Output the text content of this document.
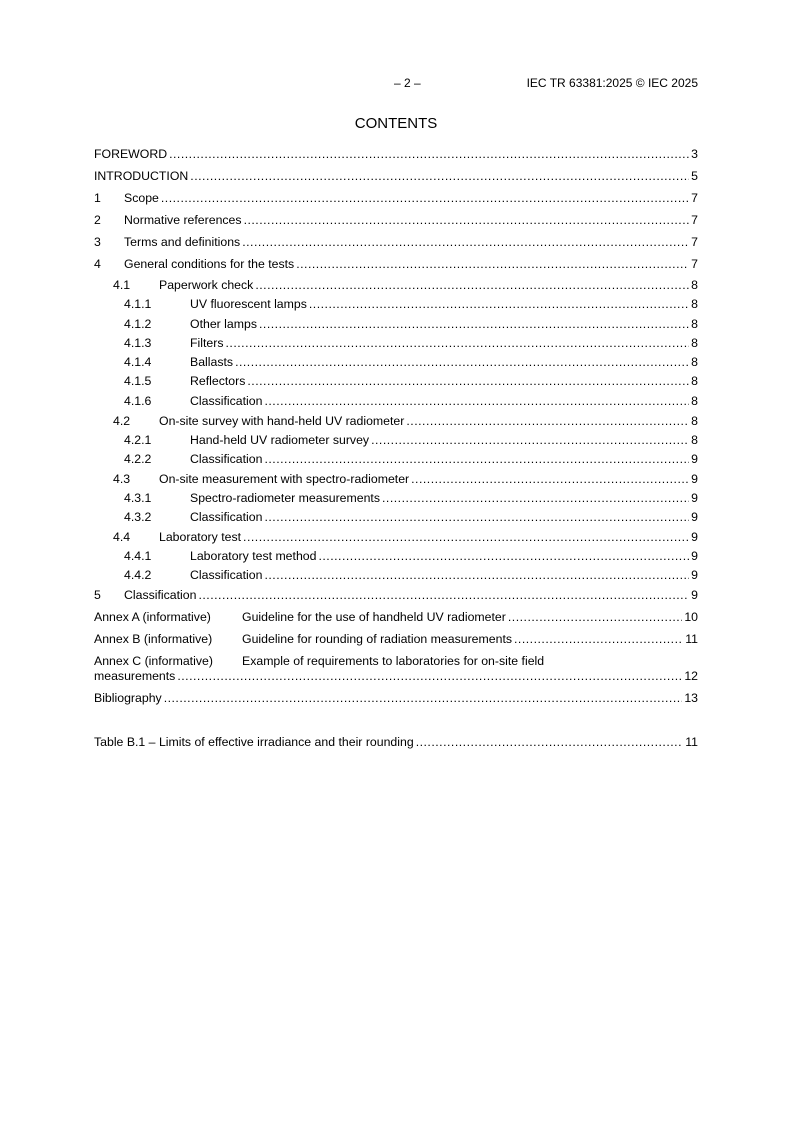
– 2 –	IEC TR 63381:2025 © IEC 2025
CONTENTS
FOREWORD .....	3
INTRODUCTION .....	5
1	Scope .....	7
2	Normative references .....	7
3	Terms and definitions .....	7
4	General conditions for the tests .....	7
4.1	Paperwork check .....	8
4.1.1	UV fluorescent lamps .....	8
4.1.2	Other lamps .....	8
4.1.3	Filters .....	8
4.1.4	Ballasts .....	8
4.1.5	Reflectors .....	8
4.1.6	Classification .....	8
4.2	On-site survey with hand-held UV radiometer .....	8
4.2.1	Hand-held UV radiometer survey .....	8
4.2.2	Classification .....	9
4.3	On-site measurement with spectro-radiometer .....	9
4.3.1	Spectro-radiometer measurements .....	9
4.3.2	Classification .....	9
4.4	Laboratory test .....	9
4.4.1	Laboratory test method .....	9
4.4.2	Classification .....	9
5	Classification .....	9
Annex A (informative)	Guideline for the use of handheld UV radiometer .....	10
Annex B (informative)	Guideline for rounding of radiation measurements .....	11
Annex C (informative) Example of requirements to laboratories for on-site field
measurements .....	12
Bibliography .....	13
Table B.1 – Limits of effective irradiance and their rounding .....	11
